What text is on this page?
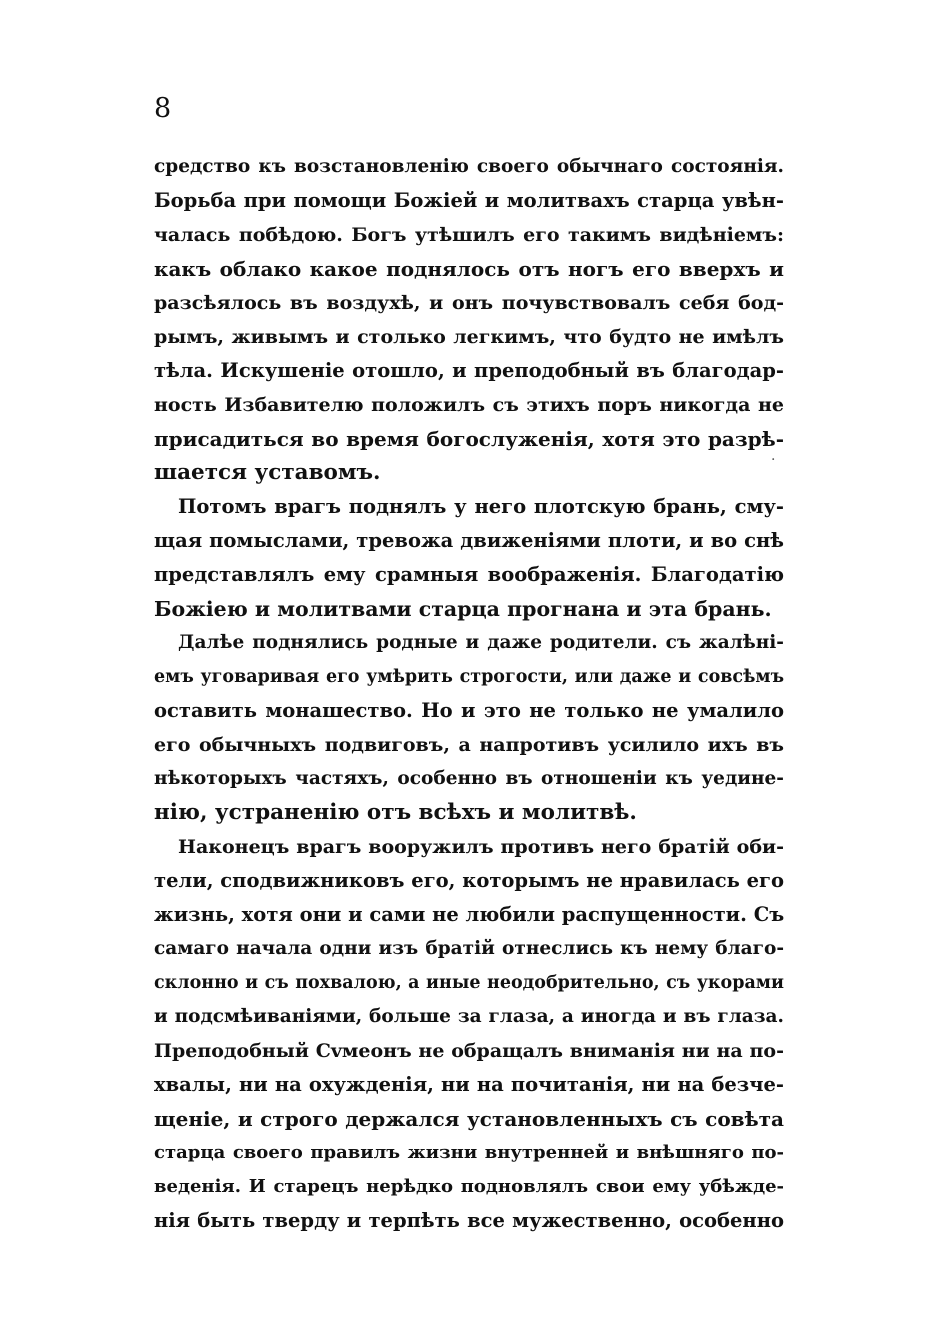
8
средство къ возстановленію своего обычнаго состоянія.
Борьба при помощи Божіей и молитвахъ старца увѣн-
чалась побѣдою. Богъ утѣшилъ его такимъ видѣніемъ:
какъ облако какое поднялось отъ ногъ его вверхъ и
разсѣялось въ воздухѣ, и онъ почувствовалъ себя бод-
рымъ, живымъ и столько легкимъ, что будто не имѣлъ
тѣла. Искушеніе отошло, и преподобный въ благодар-
ность Избавителю положилъ съ этихъ поръ никогда не
присадиться во время богослуженія, хотя это разрѣ-
шается уставомъ.	·
Потомъ врагъ поднялъ у него плотскую брань, сму-
щая помыслами, тревожа движеніями плоти, и во снѣ
представлялъ ему срамныя воображенія. Благодатію
Божіею и молитвами старца прогнана и эта брань.
Далѣе поднялись родные и даже родители. съ жалѣні-
емъ уговаривая его умѣрить строгости, или даже и совсѣмъ
оставить монашество. Но и это не только не умалило
его обычныхъ подвиговъ, а напротивъ усилило ихъ въ
нѣкоторыхъ частяхъ, особенно въ отношеніи къ уедине-
нію, устраненію отъ всѣхъ и молитвѣ.
Наконецъ врагъ вооружилъ противъ него братій оби-
тели, сподвижниковъ его, которымъ не нравилась его
жизнь, хотя они и сами не любили распущенности. Съ
самаго начала одни изъ братій отнеслись къ нему благо-
склонно и съ похвалою, а иные неодобрительно, съ укорами
и подсмѣиваніями, больше за глаза, а иногда и въ глаза.
Преподобный Сvмеонъ не обращалъ вниманія ни на по-
хвалы, ни на охужденія, ни на почитанія, ни на безче-
щеніе, и строго держался установленныхъ съ совѣта
старца своего правилъ жизни внутренней и внѣшняго по-
веденія. И старецъ нерѣдко подновлялъ свои ему убѣжде-
нія быть тверду и терпѣть все мужественно, особенно
